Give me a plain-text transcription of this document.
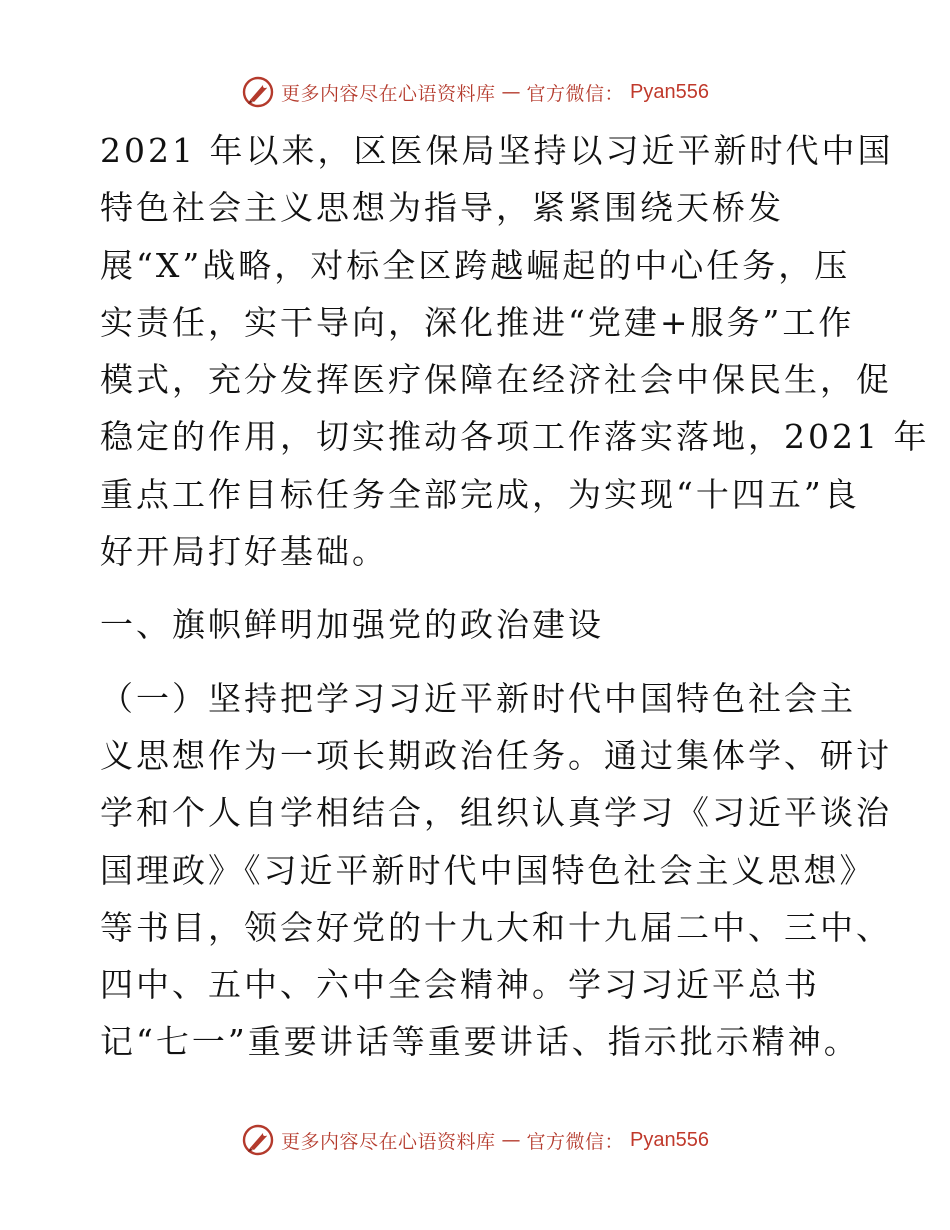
更多内容尽在心语资料库 — 官方微信： Pyan556
2021 年以来，区医保局坚持以习近平新时代中国
特色社会主义思想为指导，紧紧围绕天桥发
展“X”战略，对标全区跨越崛起的中心任务，压
实责任，实干导向，深化推进“党建+服务”工作
模式，充分发挥医疗保障在经济社会中保民生，促
稳定的作用，切实推动各项工作落实落地，2021 年
重点工作目标任务全部完成，为实现“十四五”良
好开局打好基础。
一、旗帜鲜明加强党的政治建设
（一）坚持把学习习近平新时代中国特色社会主
义思想作为一项长期政治任务。通过集体学、研讨
学和个人自学相结合，组织认真学习《习近平谈治
国理政》《习近平新时代中国特色社会主义思想》
等书目，领会好党的十九大和十九届二中、三中、
四中、五中、六中全会精神。学习习近平总书
记“七一”重要讲话等重要讲话、指示批示精神。
更多内容尽在心语资料库 — 官方微信： Pyan556
